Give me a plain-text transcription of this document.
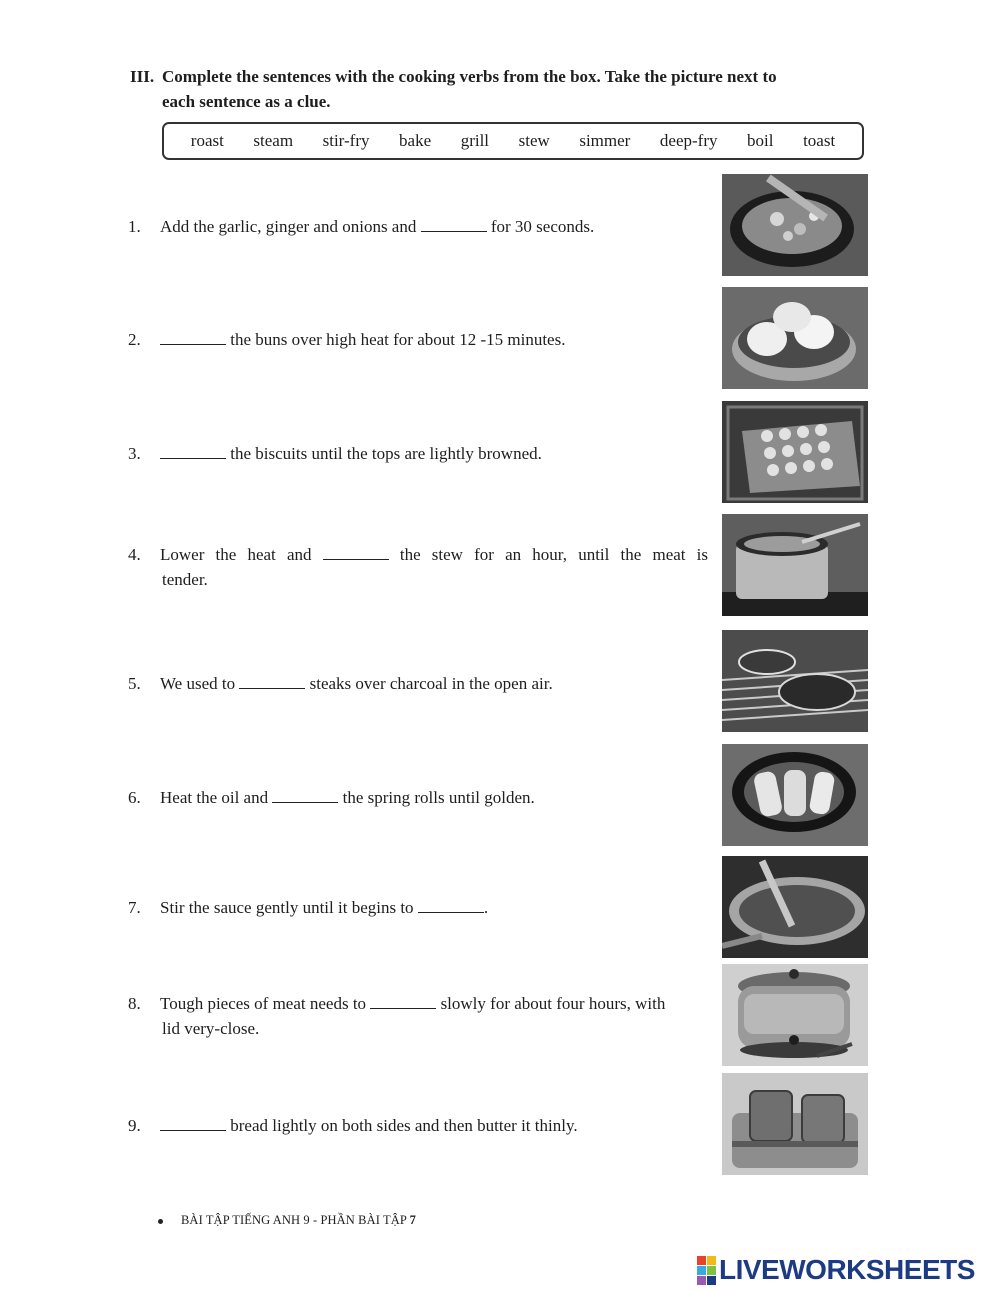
III. Complete the sentences with the cooking verbs from the box. Take the picture next to
each sentence as a clue.
roast steam stir-fry bake grill stew simmer deep-fry boil toast
1.	Add the garlic, ginger and onions and	for 30 seconds.
2.	the buns over high heat for about 12 -15 minutes.
3.	the biscuits until the tops are lightly browned.
4.	Lower the heat and	the stew for an hour, until the meat is
tender.
5.	We used to	steaks over charcoal in the open air.
6.	Heat the oil and	the spring rolls until golden.
7.	Stir the sauce gently until it begins to	.
8.	Tough pieces of meat needs to	slowly for about four hours, with
lid very-close.
9.	bread lightly on both sides and then butter it thinly.
BÀI TẬP TIẾNG ANH 9 - PHẦN BÀI TẬP 7
LIVEWORKSHEETS
